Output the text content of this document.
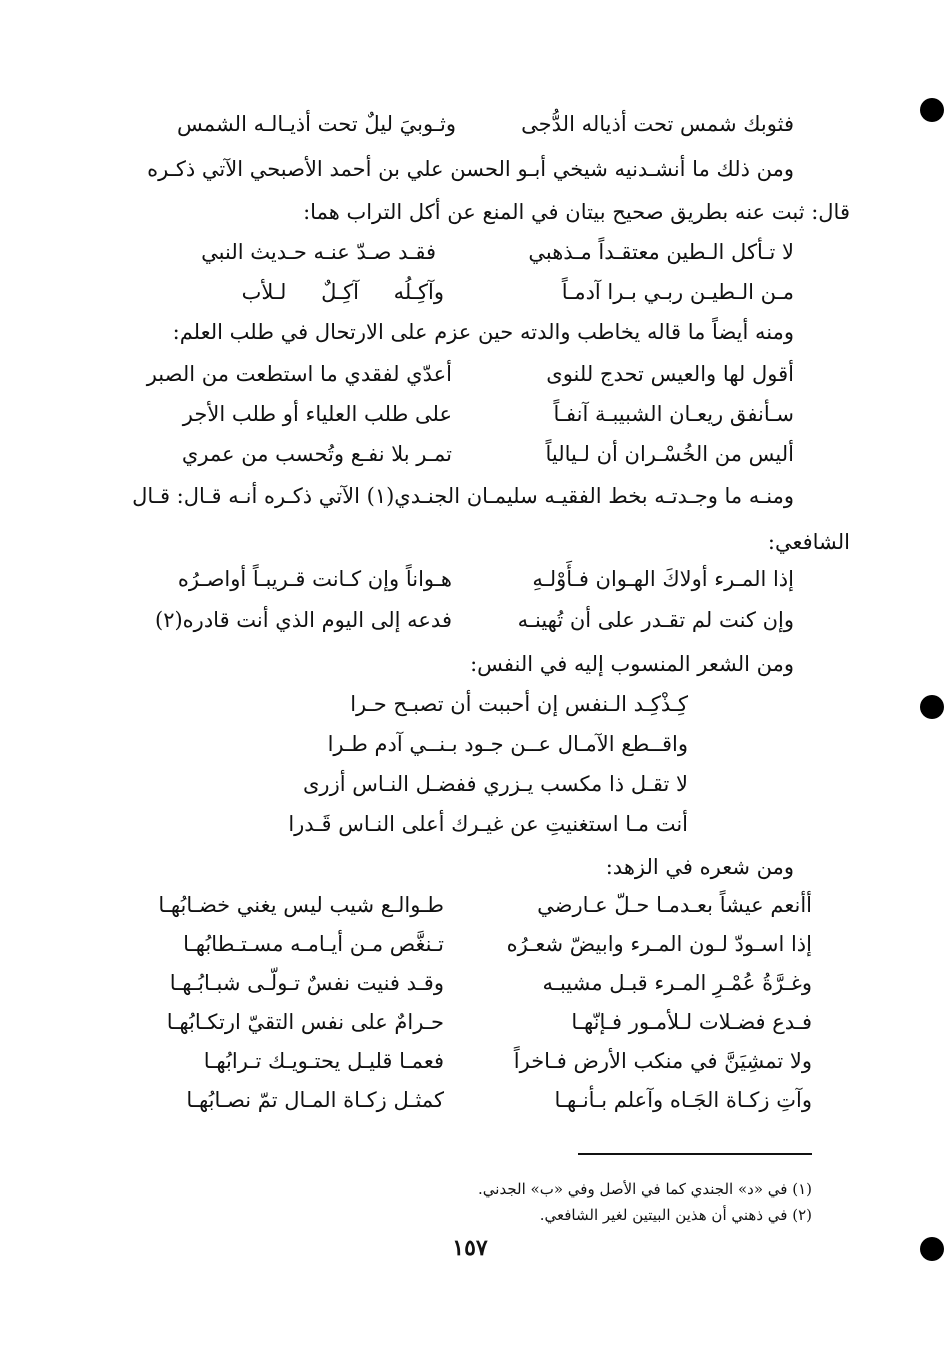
فثوبك شمس تحت أذياله الدُّجى
وثـوبيَ ليلٌ تحت أذيـالـه الشمس
ومن ذلك ما أنشـدنيه شيخي أبـو الحسن علي بن أحمد الأصبحي الآتي ذكـره
قال: ثبت عنه بطريق صحيح بيتان في المنع عن أكل التراب هما:
لا تـأكل الـطين معتقـداً مـذهبي
فقـد صـدّ عنـه حـديث النبي
مـن الـطيـن ربـي بـرا آدمـاً
وآكِـلُه آكِـلٌ لـلأب
ومنه أيضاً ما قاله يخاطب والدته حين عزم على الارتحال في طلب العلم:
أقول لها والعيس تحدج للنوى
أعدّي لفقدي ما استطعت من الصبر
سـأنفق ريعـان الشبيبـة آنفـاً
على طلب العلياء أو طلب الأجر
أليس من الخُسْـران أن لـيالياً
تمـر بلا نفـع وتُحسب من عمري
ومنـه ما وجـدتـه بخط الفقيـه سليمـان الجنـدي(١) الآتي ذكـره أنـه قـال: قـال
الشافعي:
إذا المـرء أولاكَ الهـوان فـأَوْلـهِ
هـواناً وإن كـانت قـريبـاً أواصـرُه
وإن كنت لم تقـدر على أن تُهينـه
فدعه إلى اليوم الذي أنت قادره(٢)
ومن الشعر المنسوب إليه في النفس:
كِـذْكِـد الـنفس إن أحببت أن تصبـح حـرا
واقــطع الآمـال عــن جـود بـنــي آدم طـرا
لا تقـل ذا مكسب يـزري ففضـل النـاس أزرى
أنت مـا استغنيتِ عن غيـرك أعلى النـاس قَـدرا
ومن شعره في الزهد:
أأنعم عيشاً بعـدمـا حـلّ عـارضي
طـوالـع شيب ليس يغني خضـابُهـا
إذا اسـودّ لـون المـرء وابيضّ شعـرُه
تـنغَّص مـن أيـامـه مسـتـطابُهـا
وغـرَّةُ عُمْـرِ المـرء قبـل مشيبـه
وقـد فنيت نفسٌ تـولّـى شبـابُـهـا
فـدع فضـلات لـلأمـور فـإنّهـا
حـرامٌ على نفس التقيّ ارتكـابُهـا
ولا تمشِيَنَّ في منكب الأرض فـاخراً
فعمـا قليـل يحتـويـك تـرابُهـا
وآتِ زكـاة الجَـاه وآعلم بـأنـهـا
كمثـل زكـاة المـال تمّ نصـابُهـا
(١) في «د» الجندي كما في الأصل وفي «ب» الجدني.
(٢) في ذهني أن هذين البيتين لغير الشافعي.
١٥٧
